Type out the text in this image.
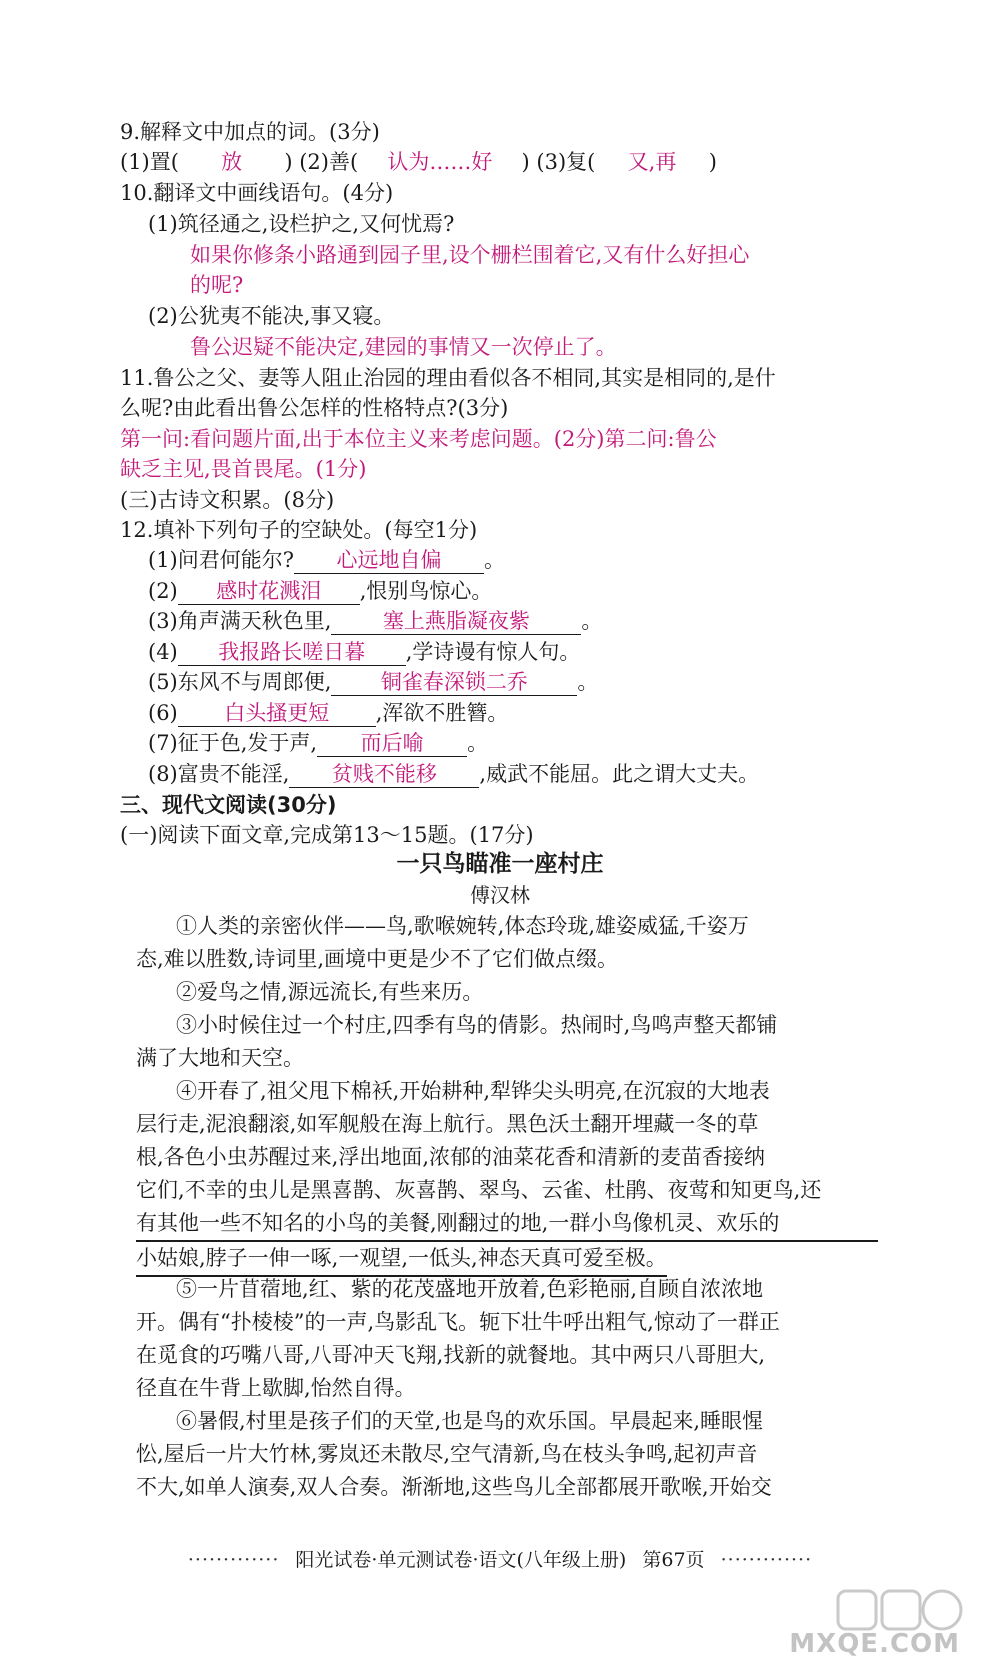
9.解释文中加点的词。(3分)
(1)置( 放 ) (2)善( 认为……好 ) (3)复( 又,再 )
10.翻译文中画线语句。(4分)
(1)筑径通之,设栏护之,又何忧焉?
如果你修条小路通到园子里,设个栅栏围着它,又有什么好担心
的呢?
(2)公犹夷不能决,事又寝。
鲁公迟疑不能决定,建园的事情又一次停止了。
11.鲁公之父、妻等人阻止治园的理由看似各不相同,其实是相同的,是什
么呢?由此看出鲁公怎样的性格特点?(3分)
第一问:看问题片面,出于本位主义来考虑问题。(2分)第二问:鲁公
缺乏主见,畏首畏尾。(1分)
(三)古诗文积累。(8分)
12.填补下列句子的空缺处。(每空1分)
(1)问君何能尔? 心远地自偏 。
(2) 感时花溅泪 ,恨别鸟惊心。
(3)角声满天秋色里, 塞上燕脂凝夜紫 。
(4) 我报路长嗟日暮 ,学诗谩有惊人句。
(5)东风不与周郎便, 铜雀春深锁二乔 。
(6) 白头搔更短 ,浑欲不胜簪。
(7)征于色,发于声, 而后喻 。
(8)富贵不能淫, 贫贱不能移 ,威武不能屈。此之谓大丈夫。
三、现代文阅读(30分)
(一)阅读下面文章,完成第13～15题。(17分)
一只鸟瞄准一座村庄
傅汉林
①人类的亲密伙伴——鸟,歌喉婉转,体态玲珑,雄姿威猛,千姿万
态,难以胜数,诗词里,画境中更是少不了它们做点缀。
②爱鸟之情,源远流长,有些来历。
③小时候住过一个村庄,四季有鸟的倩影。热闹时,鸟鸣声整天都铺
满了大地和天空。
④开春了,祖父甩下棉袄,开始耕种,犁铧尖头明亮,在沉寂的大地表
层行走,泥浪翻滚,如军舰般在海上航行。黑色沃土翻开埋藏一冬的草
根,各色小虫苏醒过来,浮出地面,浓郁的油菜花香和清新的麦苗香接纳
它们,不幸的虫儿是黑喜鹊、灰喜鹊、翠鸟、云雀、杜鹃、夜莺和知更鸟,还
有其他一些不知名的小鸟的美餐,刚翻过的地,一群小鸟像机灵、欢乐的
小姑娘,脖子一伸一啄,一观望,一低头,神态天真可爱至极。
⑤一片苜蓿地,红、紫的花茂盛地开放着,色彩艳丽,自顾自浓浓地
开。偶有“扑棱棱”的一声,鸟影乱飞。轭下壮牛呼出粗气,惊动了一群正
在觅食的巧嘴八哥,八哥冲天飞翔,找新的就餐地。其中两只八哥胆大,
径直在牛背上歇脚,怡然自得。
⑥暑假,村里是孩子们的天堂,也是鸟的欢乐国。早晨起来,睡眼惺
忪,屋后一片大竹林,雾岚还未散尽,空气清新,鸟在枝头争鸣,起初声音
不大,如单人演奏,双人合奏。渐渐地,这些鸟儿全部都展开歌喉,开始交
············· 阳光试卷·单元测试卷·语文(八年级上册) 第67页 ·············
MXQE.COM
